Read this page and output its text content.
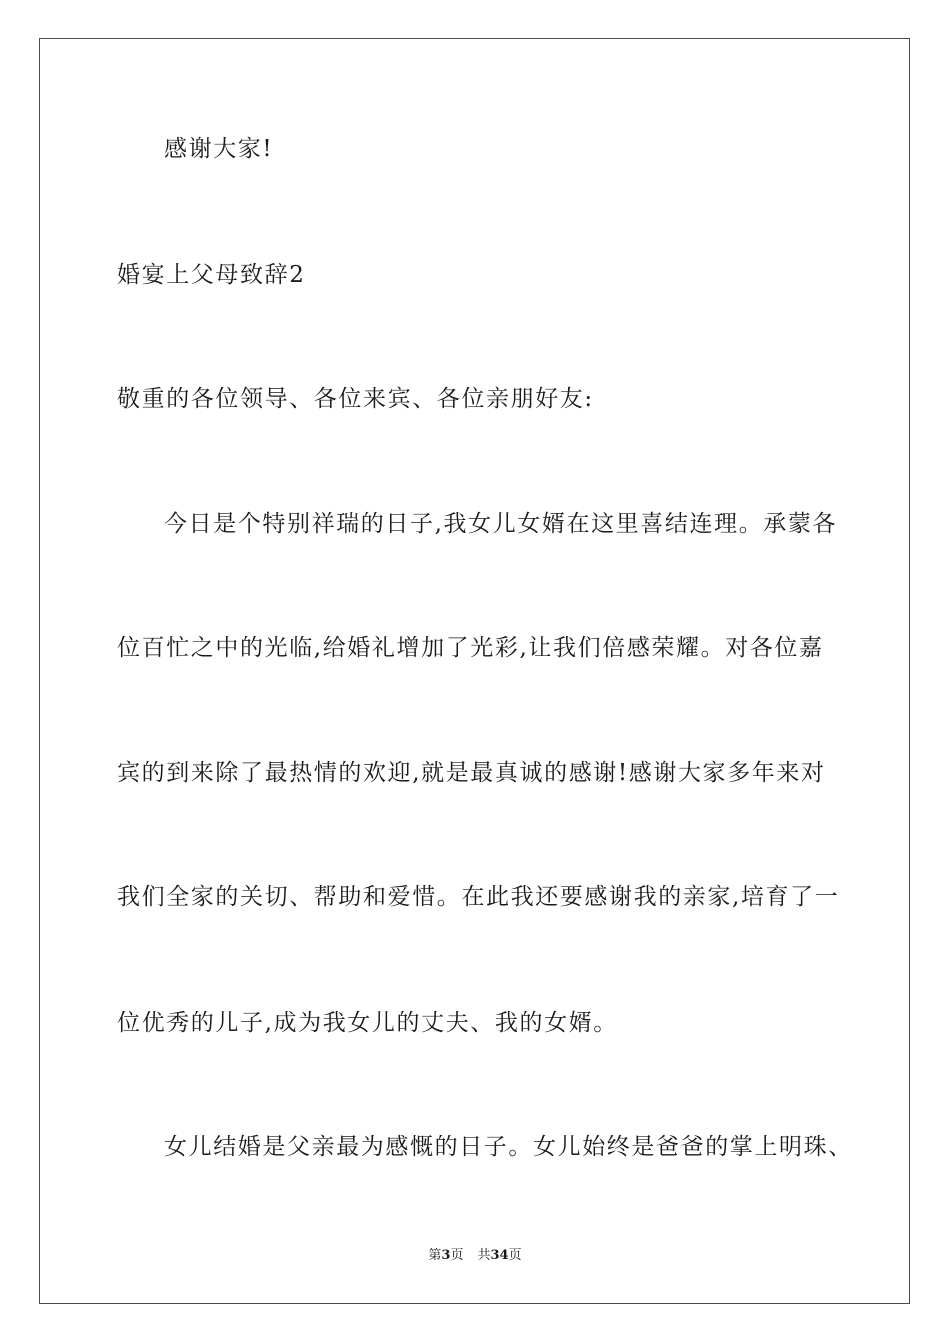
感谢大家!
婚宴上父母致辞2
敬重的各位领导、各位来宾、各位亲朋好友:
今日是个特别祥瑞的日子,我女儿女婿在这里喜结连理。承蒙各
位百忙之中的光临,给婚礼增加了光彩,让我们倍感荣耀。对各位嘉
宾的到来除了最热情的欢迎,就是最真诚的感谢!感谢大家多年来对
我们全家的关切、帮助和爱惜。在此我还要感谢我的亲家,培育了一
位优秀的儿子,成为我女儿的丈夫、我的女婿。
女儿结婚是父亲最为感慨的日子。女儿始终是爸爸的掌上明珠、
第3页 共34页
